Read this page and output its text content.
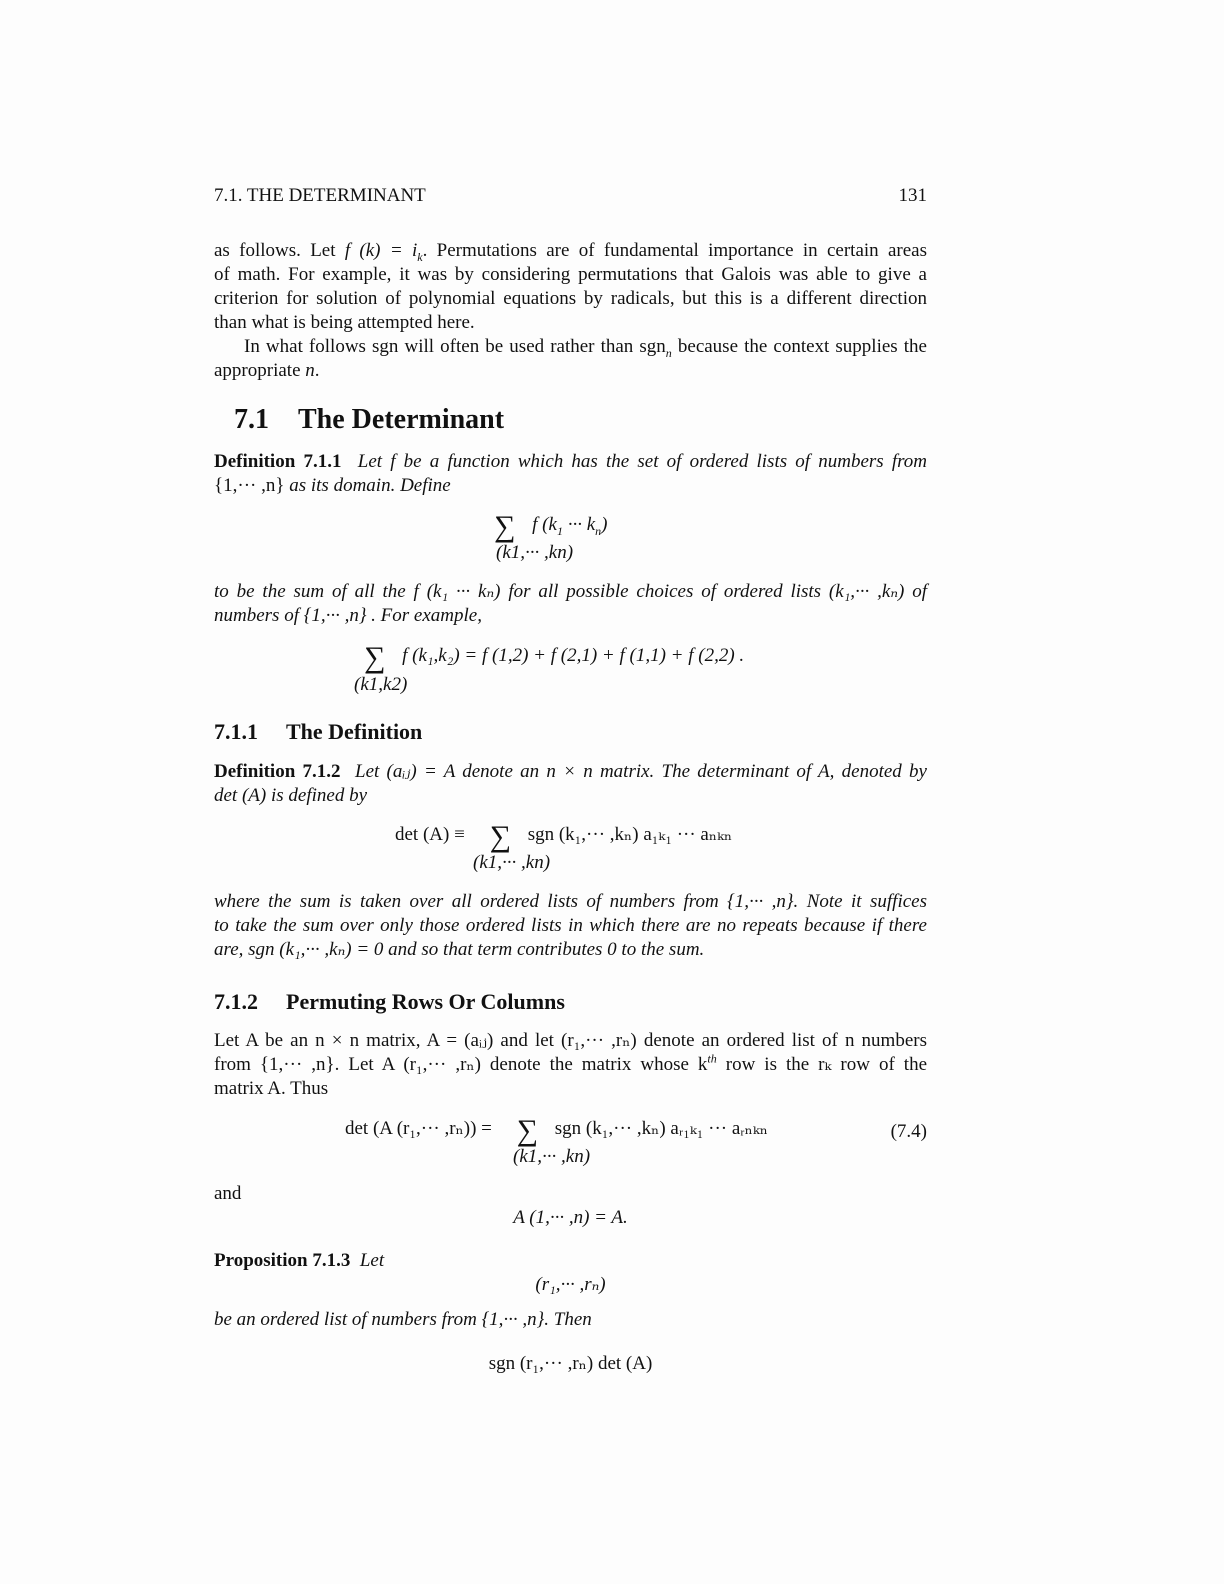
7.1. THE DETERMINANT	131
as follows. Let f $(k) = i_k$. Permutations are of fundamental importance in certain areas
of math. For example, it was by considering permutations that Galois was able to give a
criterion for solution of polynomial equations by radicals, but this is a different direction
than what is being attempted here.
In what follows sgn will often be used rather than sgn$_n$ because the context supplies the
appropriate n.
7.1 The Determinant
Definition 7.1.1 Let f be a function which has the set of ordered lists of numbers from
{1,··· ,n} as its domain. Define
∑ f ($k_1$ ··· $k_n$)
(k1,··· ,kn)
to be the sum of all the f (k₁ ··· kₙ) for all possible choices of ordered lists (k₁,··· ,kₙ) of
numbers of {1,··· ,n} . For example,
∑ f (k₁,k₂) = f (1,2) + f (2,1) + f (1,1) + f (2,2) .
(k1,k2)
7.1.1 The Definition
Definition 7.1.2 Let (aᵢⱼ) = A denote an n × n matrix. The determinant of A, denoted by
det (A) is defined by
det (A) ≡ ∑ sgn (k₁,··· ,kₙ) a₁ₖ₁ ··· aₙₖₙ
(k1,··· ,kn)
where the sum is taken over all ordered lists of numbers from {1,··· ,n}. Note it suffices
to take the sum over only those ordered lists in which there are no repeats because if there
are, sgn (k₁,··· ,kₙ) = 0 and so that term contributes 0 to the sum.
7.1.2 Permuting Rows Or Columns
Let A be an n × n matrix, A = (aᵢⱼ) and let (r₁,··· ,rₙ) denote an ordered list of n numbers
from {1,··· ,n}. Let A (r₁,··· ,rₙ) denote the matrix whose $k^{th}$ row is the rₖ row of the
matrix A. Thus
det (A (r₁,··· ,rₙ)) = ∑ sgn (k₁,··· ,kₙ) aᵣ₁ₖ₁ ··· aᵣₙₖₙ
(k1,··· ,kn)
(7.4)
and
A (1,··· ,n) = A.
Proposition 7.1.3 Let
(r₁,··· ,rₙ)
be an ordered list of numbers from {1,··· ,n}. Then
sgn (r₁,··· ,rₙ) det (A)
